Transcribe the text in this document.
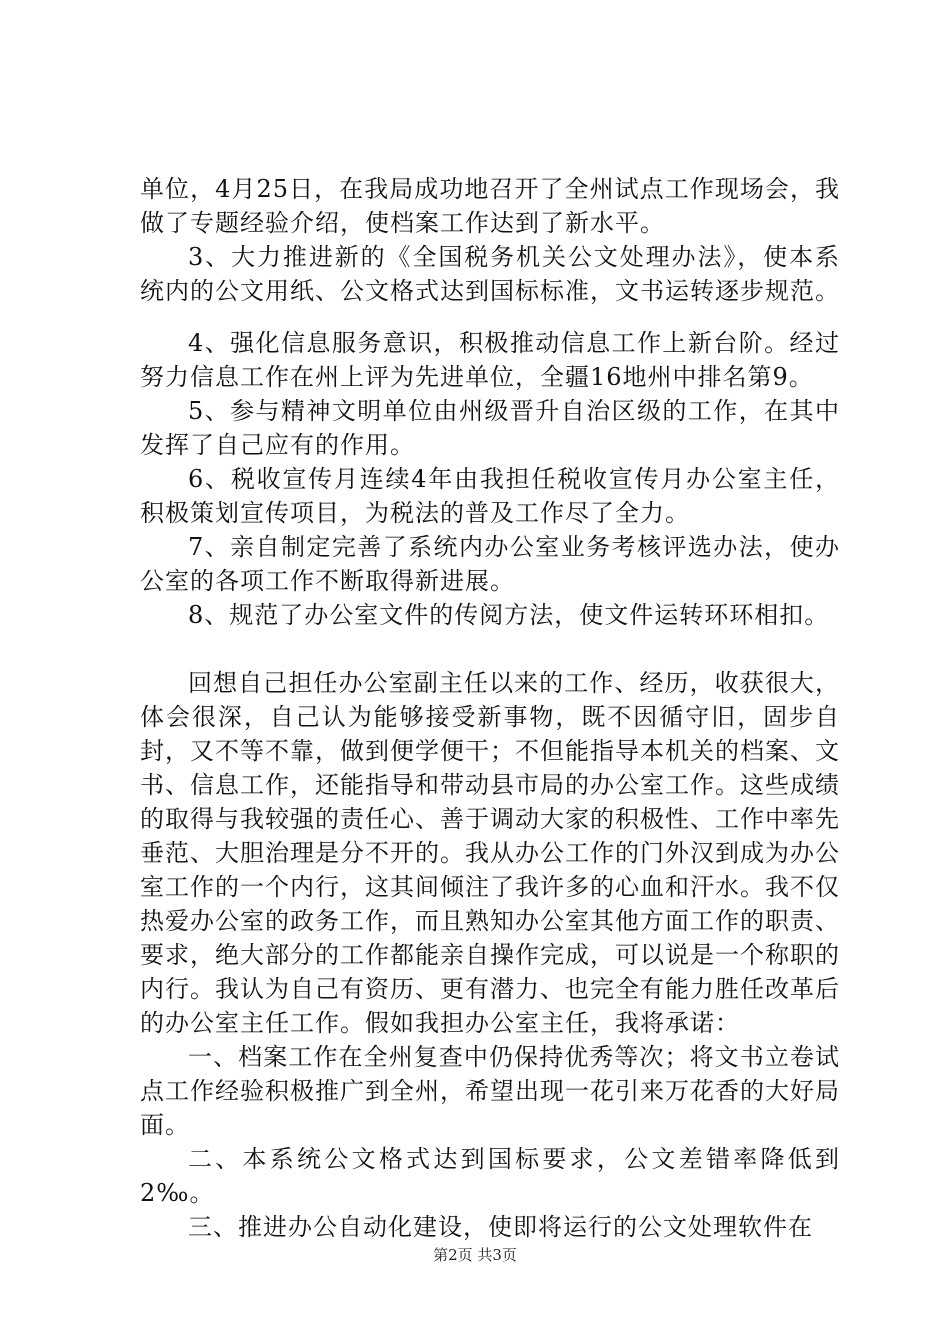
单位，4月25日，在我局成功地召开了全州试点工作现场会，我做了专题经验介绍，使档案工作达到了新水平。

3、大力推进新的《全国税务机关公文处理办法》，使本系统内的公文用纸、公文格式达到国标标准，文书运转逐步规范。

4、强化信息服务意识，积极推动信息工作上新台阶。经过努力信息工作在州上评为先进单位，全疆16地州中排名第9。

5、参与精神文明单位由州级晋升自治区级的工作，在其中发挥了自己应有的作用。

6、税收宣传月连续4年由我担任税收宣传月办公室主任，积极策划宣传项目，为税法的普及工作尽了全力。

7、亲自制定完善了系统内办公室业务考核评选办法，使办公室的各项工作不断取得新进展。

8、规范了办公室文件的传阅方法，使文件运转环环相扣。

回想自己担任办公室副主任以来的工作、经历，收获很大，体会很深，自己认为能够接受新事物，既不因循守旧，固步自封，又不等不靠，做到便学便干；不但能指导本机关的档案、文书、信息工作，还能指导和带动县市局的办公室工作。这些成绩的取得与我较强的责任心、善于调动大家的积极性、工作中率先垂范、大胆治理是分不开的。我从办公工作的门外汉到成为办公室工作的一个内行，这其间倾注了我许多的心血和汗水。我不仅热爱办公室的政务工作，而且熟知办公室其他方面工作的职责、要求，绝大部分的工作都能亲自操作完成，可以说是一个称职的内行。我认为自己有资历、更有潜力、也完全有能力胜任改革后的办公室主任工作。假如我担办公室主任，我将承诺：

一、档案工作在全州复查中仍保持优秀等次；将文书立卷试点工作经验积极推广到全州，希望出现一花引来万花香的大好局面。

二、本系统公文格式达到国标要求，公文差错率降低到2‰。

三、推进办公自动化建设，使即将运行的公文处理软件在

第2页 共3页
